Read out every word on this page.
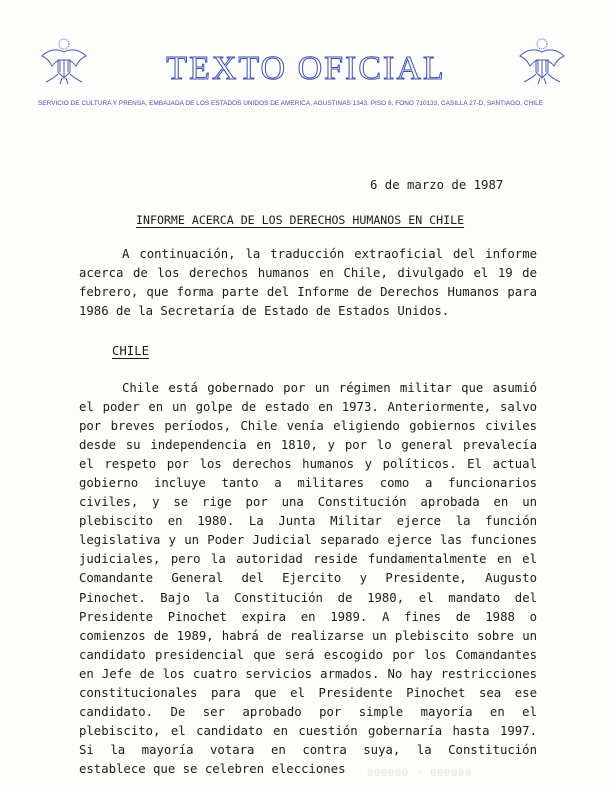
TEXTO OFICIAL
SERVICIO DE CULTURA Y PRENSA, EMBAJADA DE LOS ESTADOS UNIDOS DE AMERICA, AGUSTINAS 1343, PISO 6, FONO 710133, CASILLA 27-D, SANTIAGO, CHILE
6 de marzo de 1987
INFORME ACERCA DE LOS DERECHOS HUMANOS EN CHILE
A continuación, la traducción extraoficial del informe acerca de los derechos humanos en Chile, divulgado el 19 de febrero, que forma parte del Informe de Derechos Humanos para 1986 de la Secretaría de Estado de Estados Unidos.
CHILE
Chile está gobernado por un régimen militar que asumió el poder en un golpe de estado en 1973. Anteriormente, salvo por breves períodos, Chile venía eligiendo gobiernos civiles desde su independencia en 1810, y por lo general prevalecía el respeto por los derechos humanos y políticos. El actual gobierno incluye tanto a militares como a funcionarios civiles, y se rige por una Constitución aprobada en un plebiscito en 1980. La Junta Militar ejerce la función legislativa y un Poder Judicial separado ejerce las funciones judiciales, pero la autoridad reside fundamentalmente en el Comandante General del Ejercito y Presidente, Augusto Pinochet. Bajo la Constitución de 1980, el mandato del Presidente Pinochet expira en 1989. A fines de 1988 o comienzos de 1989, habrá de realizarse un plebiscito sobre un candidato presidencial que será escogido por los Comandantes en Jefe de los cuatro servicios armados. No hay restricciones constitucionales para que el Presidente Pinochet sea ese candidato. De ser aprobado por simple mayoría en el plebiscito, el candidato en cuestión gobernaría hasta 1997. Si la mayoría votara en contra suya, la Constitución establece que se celebren elecciones	000000 - 000000
